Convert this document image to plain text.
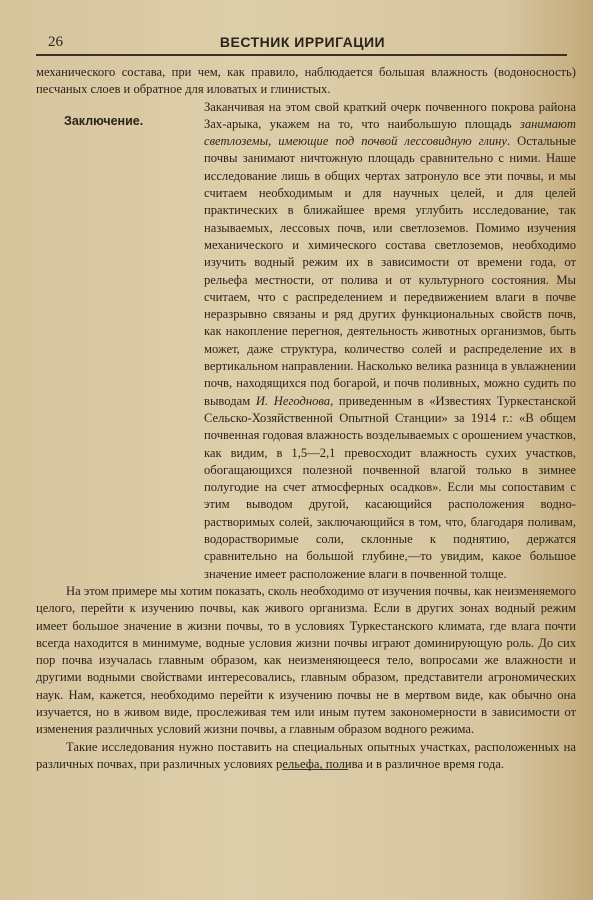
26	ВЕСТНИК ИРРИГАЦИИ

механического состава, при чем, как правило, наблюдается большая влажность (водоносность) песчаных слоев и обратное для иловатых и глинистых.

Заключение.

Заканчивая на этом свой краткий очерк почвенного покрова района Зах-арыка, укажем на то, что наибольшую площадь занимают светлоземы, имеющие под почвой лессовидную глину. Остальные почвы занимают ничтожную площадь сравнительно с ними. Наше исследование лишь в общих чертах затронуло все эти почвы, и мы считаем необходимым и для научных целей, и для целей практических в ближайшее время углубить исследование, так называемых, лессовых почв, или светлоземов. Помимо изучения механического и химического состава светлоземов, необходимо изучить водный режим их в зависимости от времени года, от рельефа местности, от полива и от культурного состояния. Мы считаем, что с распределением и передвижением влаги в почве неразрывно связаны и ряд других функциональных свойств почв, как накопление перегноя, деятельность животных организмов, быть может, даже структура, количество солей и распределение их в вертикальном направлении. Насколько велика разница в увлажнении почв, находящихся под богарой, и почв поливных, можно судить по выводам И. Негоднова, приведенным в «Известиях Туркестанской Сельско-Хозяйственной Опытной Станции» за 1914 г.: «В общем почвенная годовая влажность возделываемых с орошением участков, как видим, в 1,5—2,1 превосходит влажность сухих участков, обогащающихся полезной почвенной влагой только в зимнее полугодие на счет атмосферных осадков». Если мы сопоставим с этим выводом другой, касающийся расположения водно-растворимых солей, заключающийся в том, что, благодаря поливам, водорастворимые соли, склонные к поднятию, держатся сравнительно на большой глубине,—то увидим, какое большое значение имеет расположение влаги в почвенной толще.

На этом примере мы хотим показать, сколь необходимо от изучения почвы, как неизменяемого целого, перейти к изучению почвы, как живого организма. Если в других зонах водный режим имеет большое значение в жизни почвы, то в условиях Туркестанского климата, где влага почти всегда находится в минимуме, водные условия жизни почвы играют доминирующую роль. До сих пор почва изучалась главным образом, как неизменяющееся тело, вопросами же влажности и другими водными свойствами интересовались, главным образом, представители агрономических наук. Нам, кажется, необходимо перейти к изучению почвы не в мертвом виде, как обычно она изучается, но в живом виде, прослеживая тем или иным путем закономерности в зависимости от изменения различных условий жизни почвы, а главным образом водного режима.

Такие исследования нужно поставить на специальных опытных участках, расположенных на различных почвах, при различных условиях рельефа, полива и в различное время года.
